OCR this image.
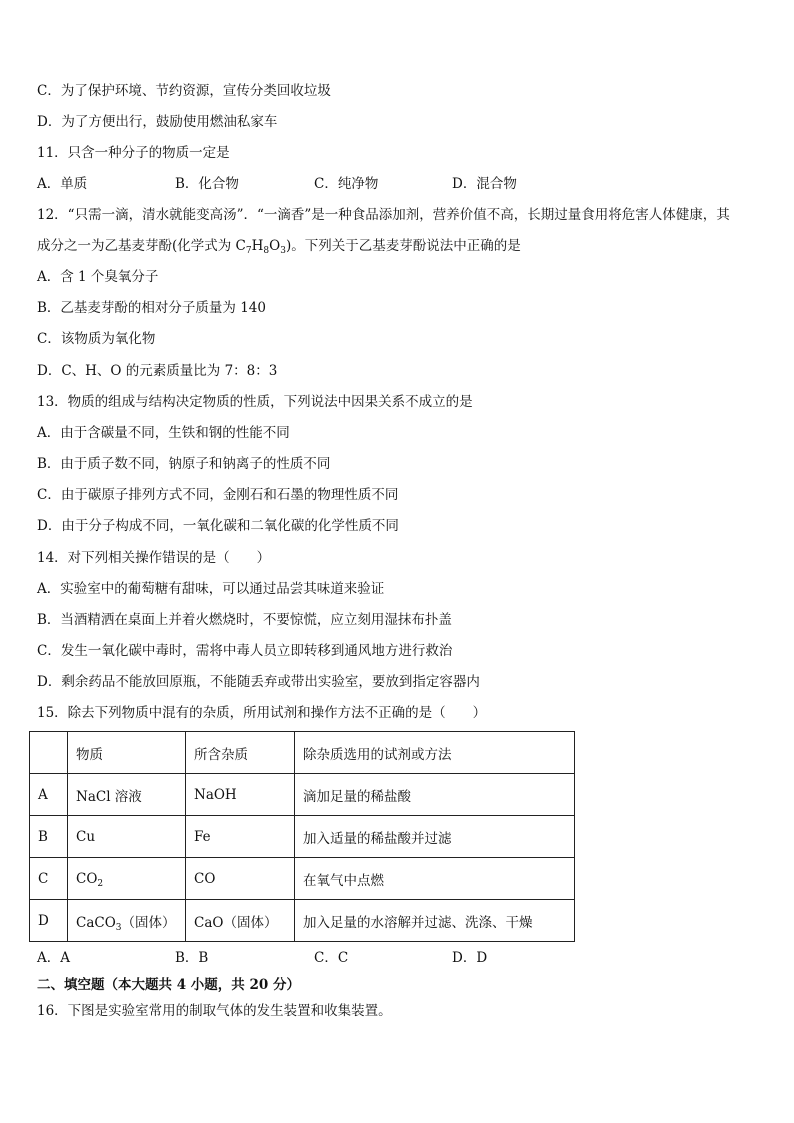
C．为了保护环境、节约资源，宣传分类回收垃圾
D．为了方便出行，鼓励使用燃油私家车
11．只含一种分子的物质一定是
A．单质	B．化合物	C．纯净物	D．混合物
12．“只需一滴，清水就能变高汤”．“一滴香”是一种食品添加剂，营养价值不高，长期过量食用将危害人体健康，其
成分之一为乙基麦芽酚(化学式为 $C_7H_8O_3$)。下列关于乙基麦芽酚说法中正确的是
A．含 1 个臭氧分子
B．乙基麦芽酚的相对分子质量为 140
C．该物质为氧化物
D．C、H、O 的元素质量比为 7：8：3
13．物质的组成与结构决定物质的性质，下列说法中因果关系不成立的是
A．由于含碳量不同，生铁和钢的性能不同
B．由于质子数不同，钠原子和钠离子的性质不同
C．由于碳原子排列方式不同，金刚石和石墨的物理性质不同
D．由于分子构成不同，一氧化碳和二氧化碳的化学性质不同
14．对下列相关操作错误的是（　　）
A．实验室中的葡萄糖有甜味，可以通过品尝其味道来验证
B．当酒精洒在桌面上并着火燃烧时，不要惊慌，应立刻用湿抹布扑盖
C．发生一氧化碳中毒时，需将中毒人员立即转移到通风地方进行救治
D．剩余药品不能放回原瓶，不能随丢弃或带出实验室，要放到指定容器内
15．除去下列物质中混有的杂质，所用试剂和操作方法不正确的是（　　）
	物质	所含杂质	除杂质选用的试剂或方法
A	NaCl 溶液	NaOH	滴加足量的稀盐酸
B	Cu	Fe	加入适量的稀盐酸并过滤
C	$CO_2$	CO	在氧气中点燃
D	CaCO$_3$（固体）	CaO（固体）	加入足量的水溶解并过滤、洗涤、干燥
A．A	B．B	C．C	D．D
二、填空题（本大题共 4 小题，共 20 分）
16．下图是实验室常用的制取气体的发生装置和收集装置。
